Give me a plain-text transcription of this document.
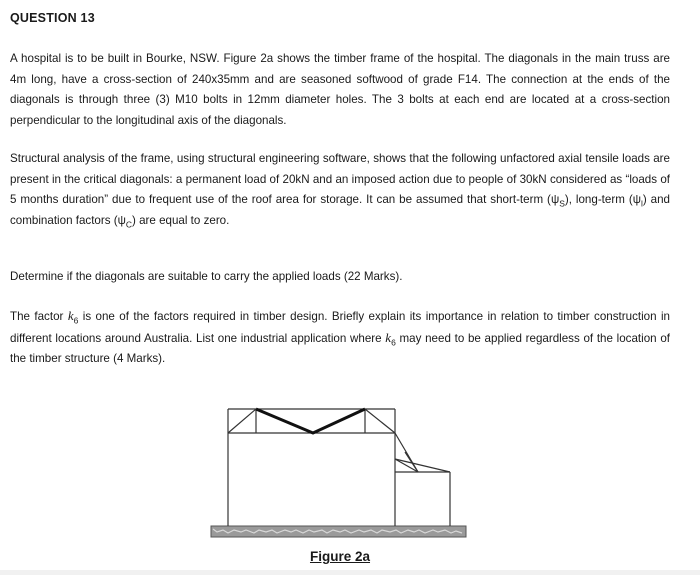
QUESTION 13

A hospital is to be built in Bourke, NSW. Figure 2a shows the timber frame of the hospital. The diagonals in the main truss are 4m long, have a cross-section of 240x35mm and are seasoned softwood of grade F14. The connection at the ends of the diagonals is through three (3) M10 bolts in 12mm diameter holes. The 3 bolts at each end are located at a cross-section perpendicular to the longitudinal axis of the diagonals.

Structural analysis of the frame, using structural engineering software, shows that the following unfactored axial tensile loads are present in the critical diagonals: a permanent load of 20kN and an imposed action due to people of 30kN considered as “loads of 5 months duration” due to frequent use of the roof area for storage. It can be assumed that short-term $(\psi_S)$, long-term $(\psi_l)$ and combination factors $(\psi_C)$ are equal to zero.

Determine if the diagonals are suitable to carry the applied loads (22 Marks).

The factor $k_6$ is one of the factors required in timber design. Briefly explain its importance in relation to timber construction in different locations around Australia. List one industrial application where $k_6$ may need to be applied regardless of the location of the timber structure (4 Marks).

Figure 2a
